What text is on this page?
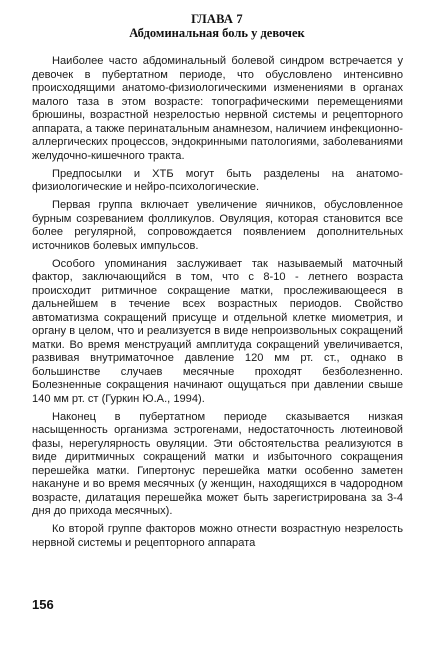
ГЛАВА 7
Абдоминальная боль у девочек

Наиболее часто абдоминальный болевой синдром встречается у девочек в пубертатном периоде, что обусловлено интенсивно происходящими анатомо-физиологическими изменениями в органах малого таза в этом возрасте: топографическими перемещениями брюшины, возрастной незрелостью нервной системы и рецепторного аппарата, а также перинатальным анамнезом, наличием инфекционно-аллергических процессов, эндокринными патологиями, заболеваниями желудочно-кишечного тракта.

Предпосылки и ХТБ могут быть разделены на анатомо-физиологические и нейро-психологические.

Первая группа включает увеличение яичников, обусловленное бурным созреванием фолликулов. Овуляция, которая становится все более регулярной, сопровождается появлением дополнительных источников болевых импульсов.

Особого упоминания заслуживает так называемый маточный фактор, заключающийся в том, что с 8-10 - летнего возраста происходит ритмичное сокращение матки, прослеживающееся в дальнейшем в течение всех возрастных периодов. Свойство автоматизма сокращений присуще и отдельной клетке миометрия, и органу в целом, что и реализуется в виде непроизвольных сокращений матки. Во время менструаций амплитуда сокращений увеличивается, развивая внутриматочное давление 120 мм рт. ст., однако в большинстве случаев месячные проходят безболезненно. Болезненные сокращения начинают ощущаться при давлении свыше 140 мм рт. ст (Гуркин Ю.А., 1994).

Наконец в пубертатном периоде сказывается низкая насыщенность организма эстрогенами, недостаточность лютеиновой фазы, нерегулярность овуляции. Эти обстоятельства реализуются в виде диритмичных сокращений матки и избыточного сокращения перешейка матки. Гипертонус перешейка матки особенно заметен накануне и во время месячных (у женщин, находящихся в чадородном возрасте, дилатация перешейка может быть зарегистрирована за 3-4 дня до прихода месячных).

Ко второй группе факторов можно отнести возрастную незрелость нервной системы и рецепторного аппарата

156
